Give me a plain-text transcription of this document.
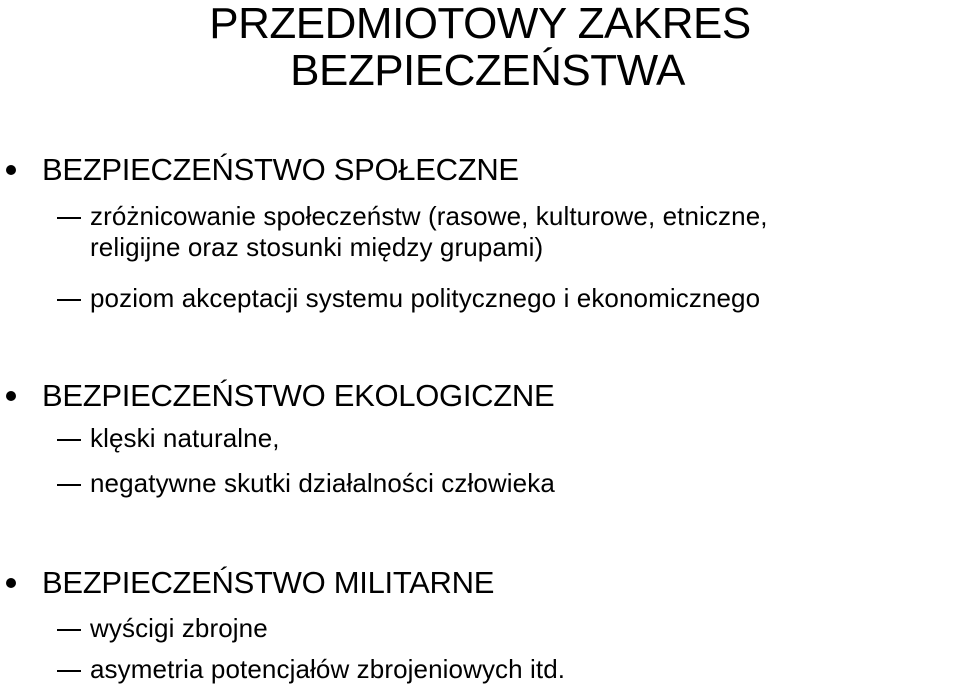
PRZEDMIOTOWY ZAKRES
BEZPIECZEŃSTWA
BEZPIECZEŃSTWO SPOŁECZNE
zróżnicowanie społeczeństw (rasowe, kulturowe, etniczne,
religijne oraz stosunki między grupami)
poziom akceptacji systemu politycznego i ekonomicznego
BEZPIECZEŃSTWO EKOLOGICZNE
klęski naturalne,
negatywne skutki działalności człowieka
BEZPIECZEŃSTWO MILITARNE
wyścigi zbrojne
asymetria potencjałów zbrojeniowych itd.
